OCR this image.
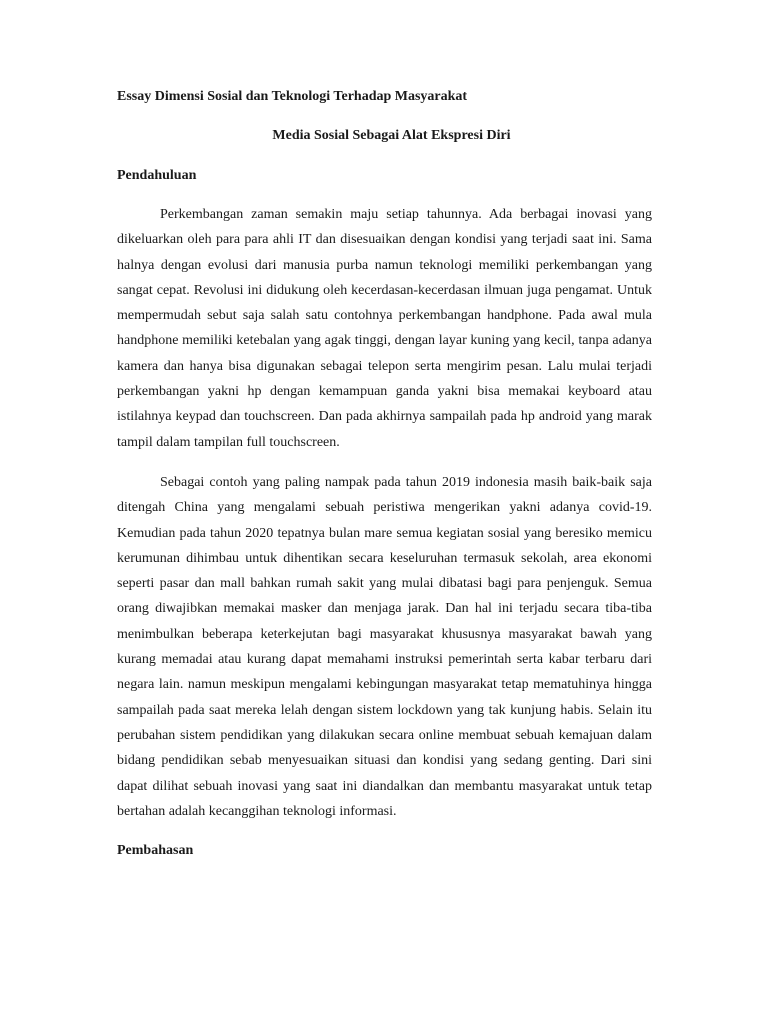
Essay Dimensi Sosial dan Teknologi Terhadap Masyarakat
Media Sosial Sebagai Alat Ekspresi Diri
Pendahuluan

Perkembangan zaman semakin maju setiap tahunnya. Ada berbagai inovasi yang dikeluarkan oleh para para ahli IT dan disesuaikan dengan kondisi yang terjadi saat ini. Sama halnya dengan evolusi dari manusia purba namun teknologi memiliki perkembangan yang sangat cepat. Revolusi ini didukung oleh kecerdasan-kecerdasan ilmuan juga pengamat. Untuk mempermudah sebut saja salah satu contohnya perkembangan handphone. Pada awal mula handphone memiliki ketebalan yang agak tinggi, dengan layar kuning yang kecil, tanpa adanya kamera dan hanya bisa digunakan sebagai telepon serta mengirim pesan. Lalu mulai terjadi perkembangan yakni hp dengan kemampuan ganda yakni bisa memakai keyboard atau istilahnya keypad dan touchscreen. Dan pada akhirnya sampailah pada hp android yang marak tampil dalam tampilan full touchscreen.

Sebagai contoh yang paling nampak pada tahun 2019 indonesia masih baik-baik saja ditengah China yang mengalami sebuah peristiwa mengerikan yakni adanya covid-19. Kemudian pada tahun 2020 tepatnya bulan mare semua kegiatan sosial yang beresiko memicu kerumunan dihimbau untuk dihentikan secara keseluruhan termasuk sekolah, area ekonomi seperti pasar dan mall bahkan rumah sakit yang mulai dibatasi bagi para penjenguk. Semua orang diwajibkan memakai masker dan menjaga jarak. Dan hal ini terjadu secara tiba-tiba menimbulkan beberapa keterkejutan bagi masyarakat khususnya masyarakat bawah yang kurang memadai atau kurang dapat memahami instruksi pemerintah serta kabar terbaru dari negara lain. namun meskipun mengalami kebingungan masyarakat tetap mematuhinya hingga sampailah pada saat mereka lelah dengan sistem lockdown yang tak kunjung habis. Selain itu perubahan sistem pendidikan yang dilakukan secara online membuat sebuah kemajuan dalam bidang pendidikan sebab menyesuaikan situasi dan kondisi yang sedang genting. Dari sini dapat dilihat sebuah inovasi yang saat ini diandalkan dan membantu masyarakat untuk tetap bertahan adalah kecanggihan teknologi informasi.

Pembahasan
